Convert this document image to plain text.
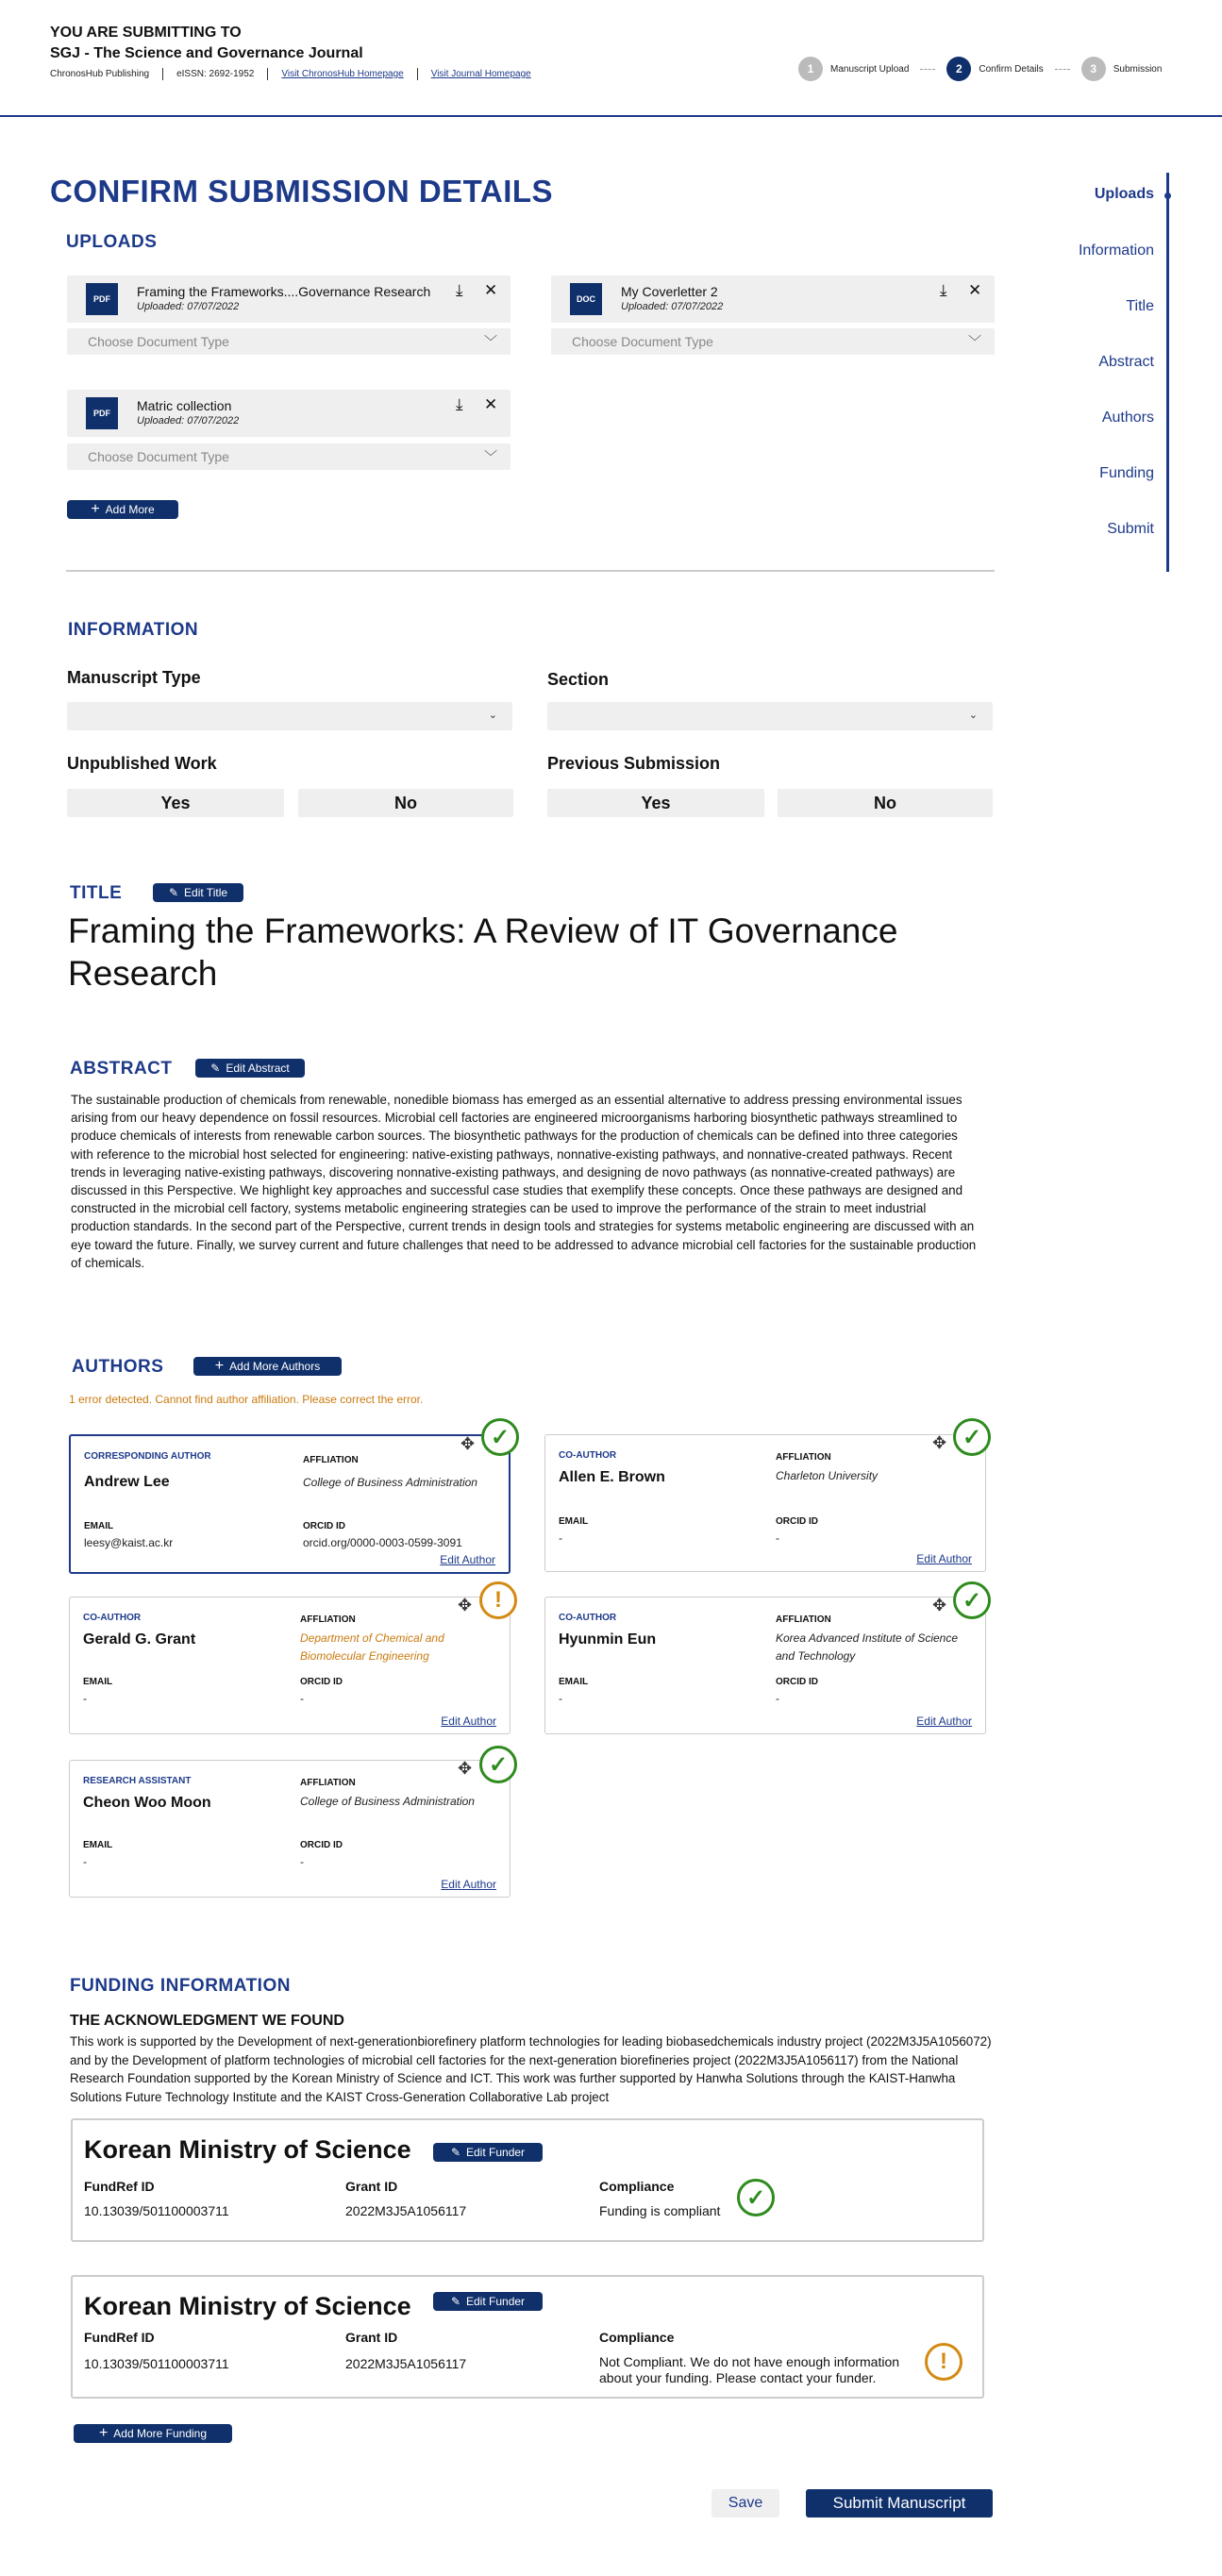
YOU ARE SUBMITTING TO
SGJ - The Science and Governance Journal
ChronosHub Publishing	eISSN: 2692-1952	Visit ChronosHub Homepage	Visit Journal Homepage	1	Manuscript Upload	2	Confirm Details	3	Submission
CONFIRM SUBMISSION DETAILS	Uploads
Information
Title
Abstract
Authors
Funding
Submit
UPLOADS
PDF	Framing the Frameworks....Governance Research
Uploaded: 07/07/2022
⤓ ✕
Choose Document Type	﹀
DOC	My Coverletter 2
Uploaded: 07/07/2022
⤓ ✕
Choose Document Type	﹀
PDF	Matric collection
Uploaded: 07/07/2022
⤓ ✕
Choose Document Type	﹀
+ Add More
INFORMATION
Manuscript Type	Section
⌄	⌄
Unpublished Work	Previous Submission
Yes	No	Yes	No
TITLE	✎ Edit Title
Framing the Frameworks: A Review of IT Governance Research
ABSTRACT	✎ Edit Abstract
The sustainable production of chemicals from renewable, nonedible biomass has emerged as an essential alternative to address pressing environmental issues arising from our heavy dependence on fossil resources. Microbial cell factories are engineered microorganisms harboring biosynthetic pathways streamlined to produce chemicals of interests from renewable carbon sources. The biosynthetic pathways for the production of chemicals can be defined into three categories with reference to the microbial host selected for engineering: native-existing pathways, nonnative-existing pathways, and nonnative-created pathways. Recent trends in leveraging native-existing pathways, discovering nonnative-existing pathways, and designing de novo pathways (as nonnative-created pathways) are discussed in this Perspective. We highlight key approaches and successful case studies that exemplify these concepts. Once these pathways are designed and constructed in the microbial cell factory, systems metabolic engineering strategies can be used to improve the performance of the strain to meet industrial production standards. In the second part of the Perspective, current trends in design tools and strategies for systems metabolic engineering are discussed with an eye toward the future. Finally, we survey current and future challenges that need to be addressed to advance microbial cell factories for the sustainable production of chemicals.
AUTHORS	+ Add More Authors
1 error detected. Cannot find author affiliation. Please correct the error.
CORRESPONDING AUTHOR
Andrew Lee
AFFLIATION
College of Business Administration
EMAIL
leesy@kaist.ac.kr
ORCID ID
orcid.org/0000-0003-0599-3091
Edit Author
✥ ✓
CO-AUTHOR
Allen E. Brown
AFFLIATION
Charleton University
EMAIL
-
ORCID ID
-
Edit Author
✥ ✓
CO-AUTHOR
Gerald G. Grant
AFFLIATION
Department of Chemical and Biomolecular Engineering
EMAIL
-
ORCID ID
-
Edit Author
✥ !
CO-AUTHOR
Hyunmin Eun
AFFLIATION
Korea Advanced Institute of Science and Technology
EMAIL
-
ORCID ID
-
Edit Author
✥ ✓
RESEARCH ASSISTANT
Cheon Woo Moon
AFFLIATION
College of Business Administration
EMAIL
-
ORCID ID
-
Edit Author
✥ ✓
FUNDING INFORMATION
THE ACKNOWLEDGMENT WE FOUND
This work is supported by the Development of next-generationbiorefinery platform technologies for leading biobasedchemicals industry project (2022M3J5A1056072) and by the Development of platform technologies of microbial cell factories for the next-generation biorefineries project (2022M3J5A1056117) from the National Research Foundation supported by the Korean Ministry of Science and ICT. This work was further supported by Hanwha Solutions through the KAIST-Hanwha Solutions Future Technology Institute and the KAIST Cross-Generation Collaborative Lab project
Korean Ministry of Science	✎ Edit Funder
FundRef ID
10.13039/501100003711
Grant ID
2022M3J5A1056117
Compliance
Funding is compliant
✓
Korean Ministry of Science	✎ Edit Funder
FundRef ID
10.13039/501100003711
Grant ID
2022M3J5A1056117
Compliance
Not Compliant. We do not have enough information about your funding. Please contact your funder.
!
+ Add More Funding
Save	Submit Manuscript
